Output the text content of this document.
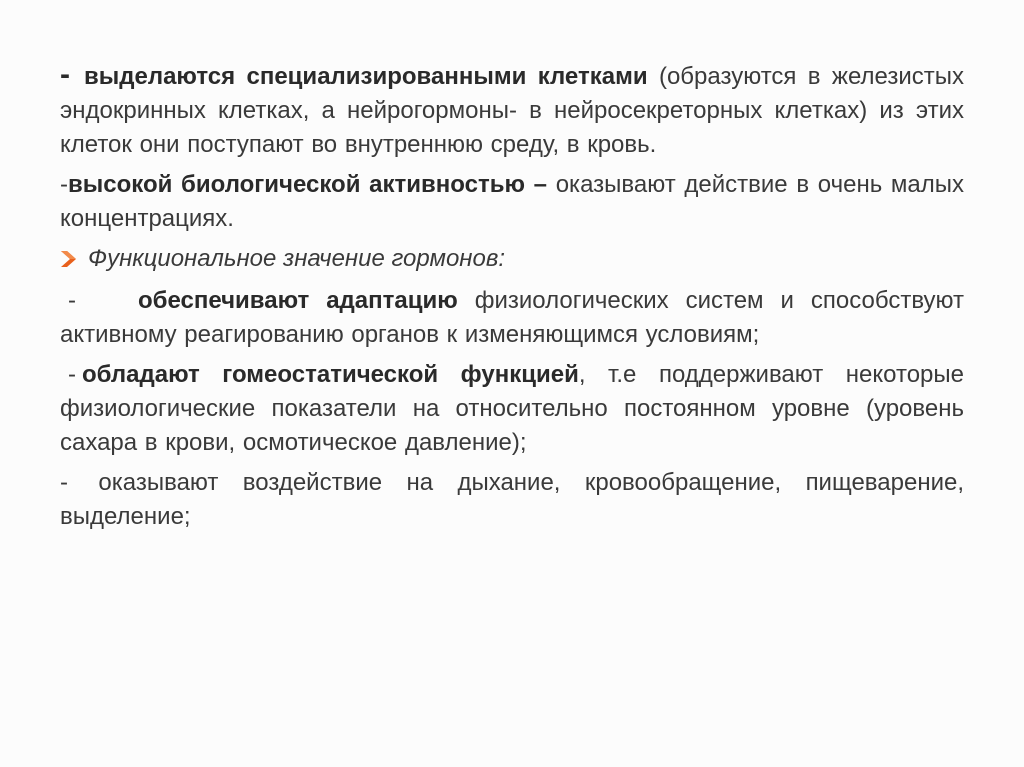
- выделаются специализированными клетками (образуются в железистых эндокринных клетках, а нейрогормоны- в нейросекреторных клетках) из этих клеток они поступают во внутреннюю среду, в кровь.

-высокой биологической активностью – оказывают действие в очень малых концентрациях.

Функциональное значение гормонов:

-	обеспечивают адаптацию физиологических систем и способствуют активному реагированию органов к изменяющимся условиям;

- обладают гомеостатической функцией, т.е поддерживают некоторые физиологические показатели на относительно постоянном уровне (уровень сахара в крови, осмотическое давление);

- оказывают воздействие на дыхание, кровообращение, пищеварение, выделение;
